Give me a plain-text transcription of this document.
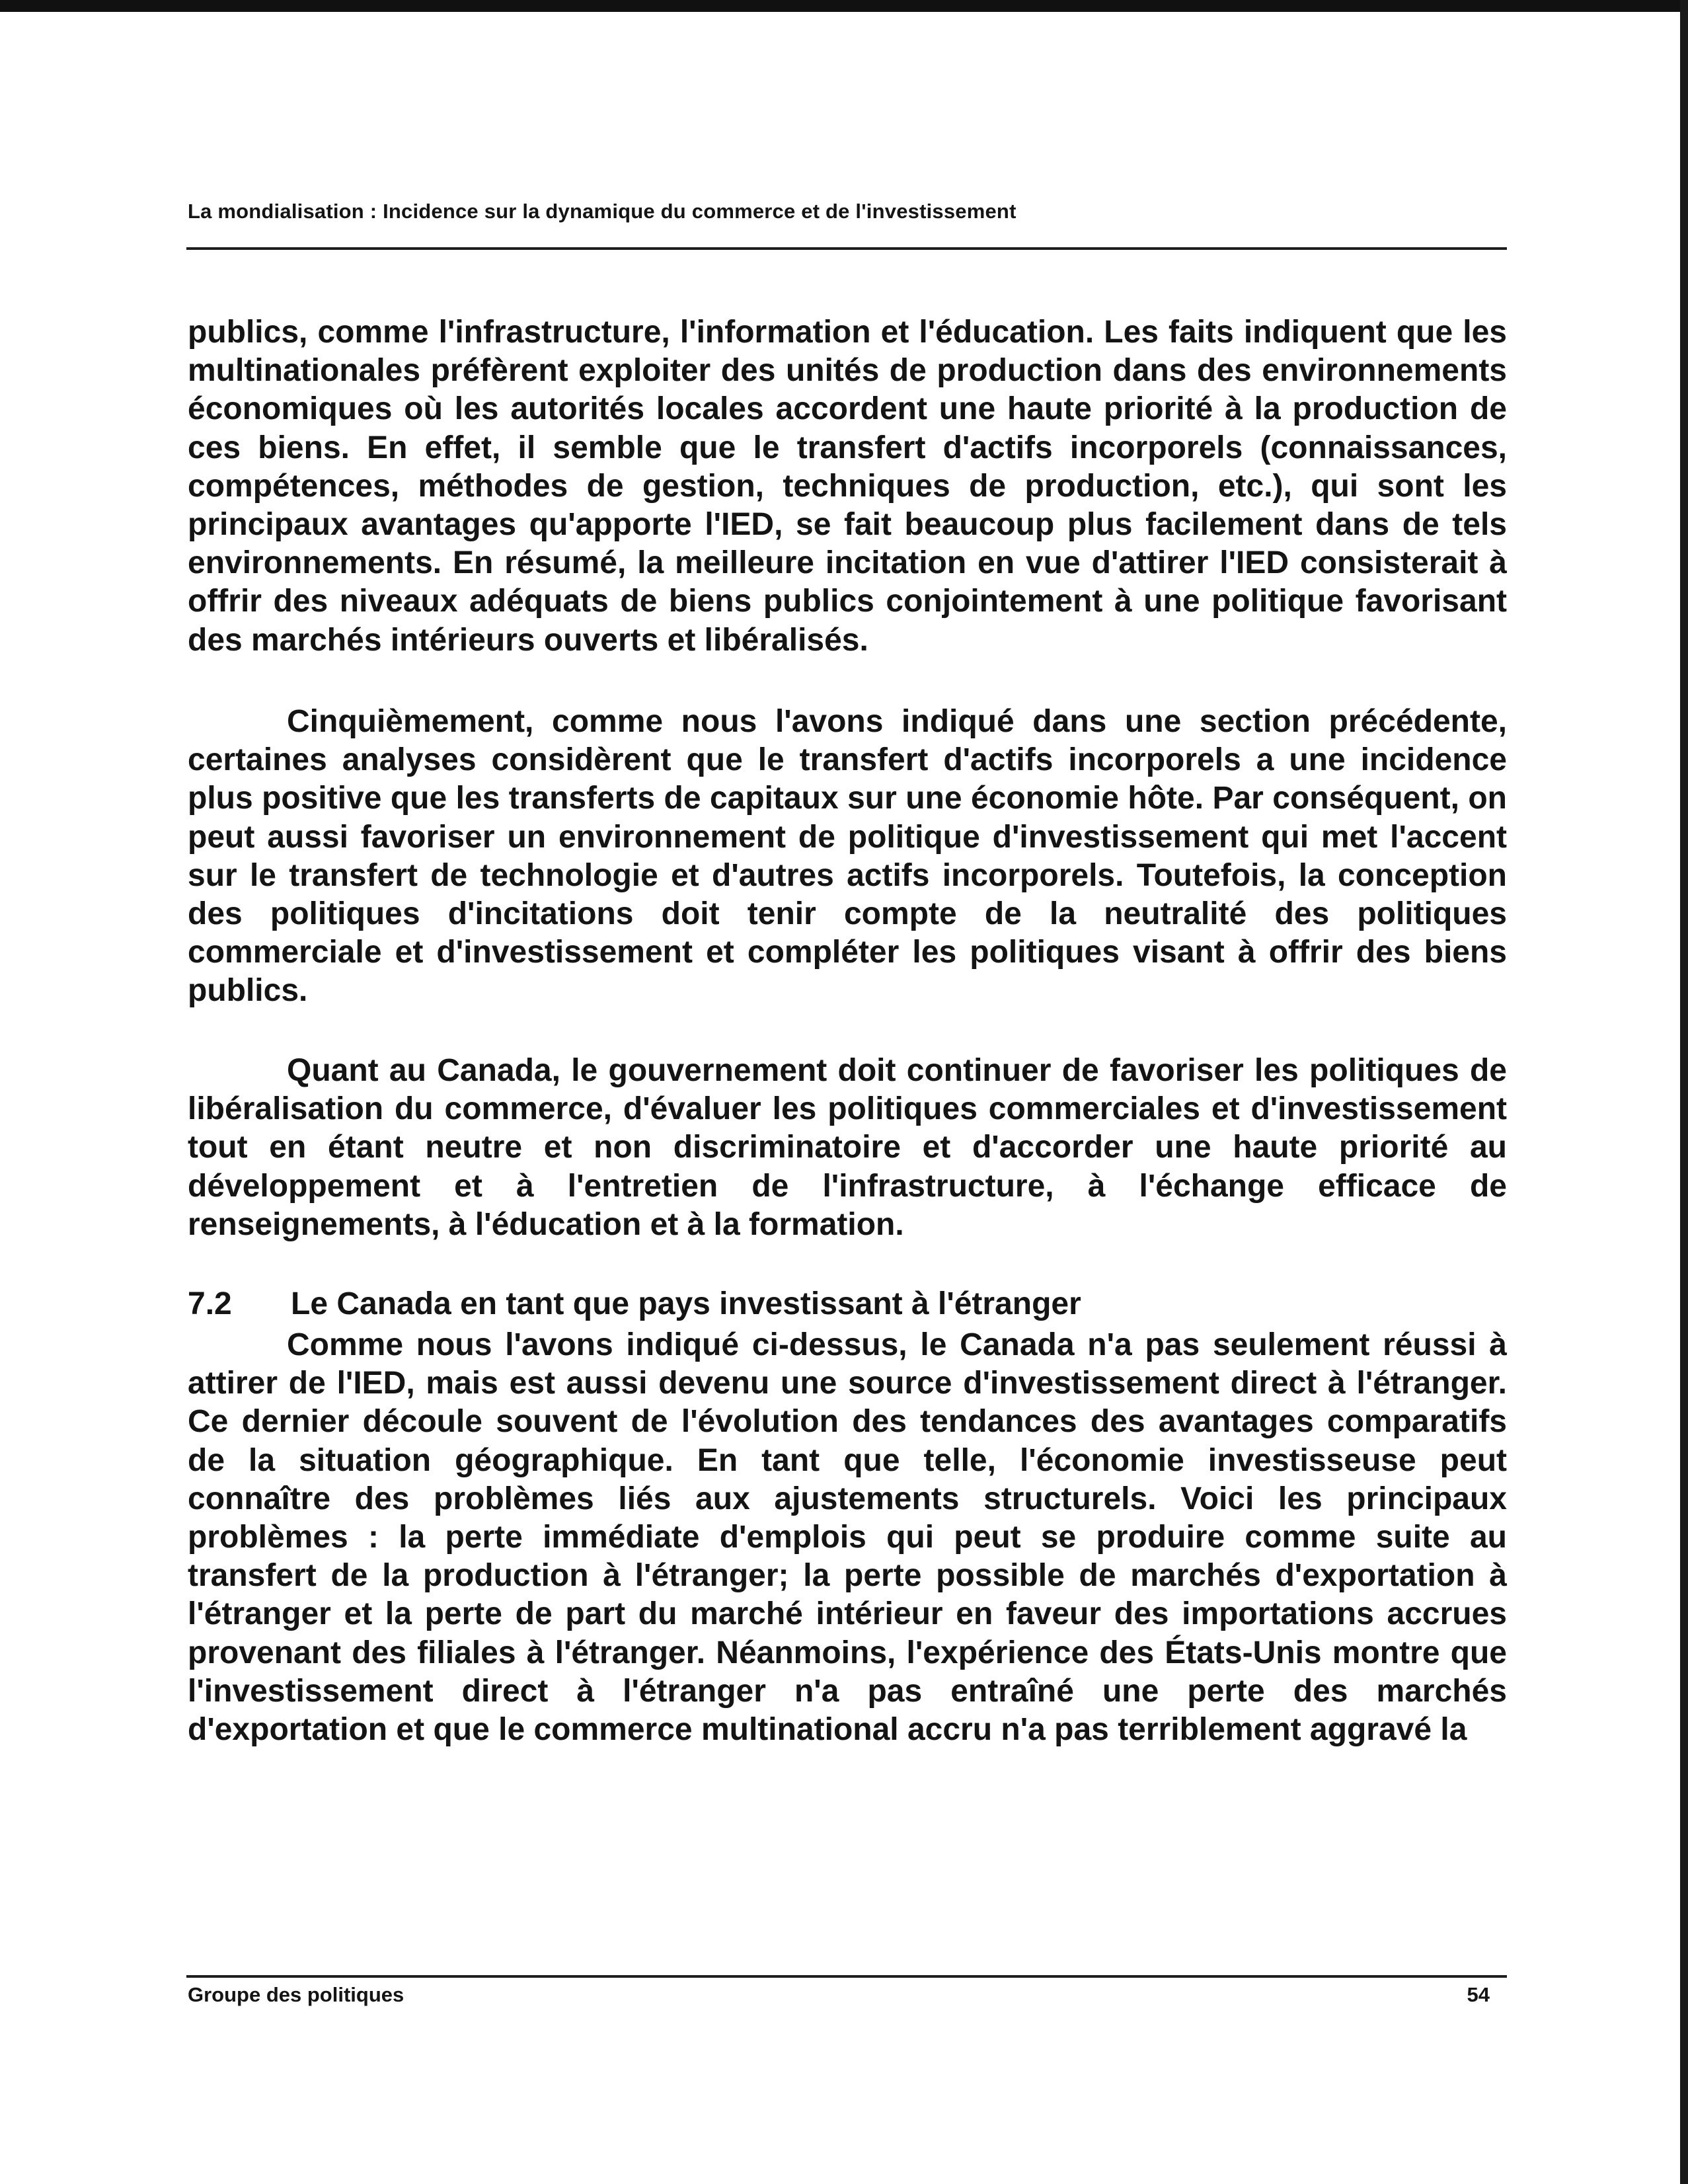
La mondialisation : Incidence sur la dynamique du commerce et de l'investissement

publics, comme l'infrastructure, l'information et l'éducation. Les faits indiquent que les multinationales préfèrent exploiter des unités de production dans des environnements économiques où les autorités locales accordent une haute priorité à la production de ces biens. En effet, il semble que le transfert d'actifs incorporels (connaissances, compétences, méthodes de gestion, techniques de production, etc.), qui sont les principaux avantages qu'apporte l'IED, se fait beaucoup plus facilement dans de tels environnements. En résumé, la meilleure incitation en vue d'attirer l'IED consisterait à offrir des niveaux adéquats de biens publics conjointement à une politique favorisant des marchés intérieurs ouverts et libéralisés.

Cinquièmement, comme nous l'avons indiqué dans une section précédente, certaines analyses considèrent que le transfert d'actifs incorporels a une incidence plus positive que les transferts de capitaux sur une économie hôte. Par conséquent, on peut aussi favoriser un environnement de politique d'investissement qui met l'accent sur le transfert de technologie et d'autres actifs incorporels. Toutefois, la conception des politiques d'incitations doit tenir compte de la neutralité des politiques commerciale et d'investissement et compléter les politiques visant à offrir des biens publics.

Quant au Canada, le gouvernement doit continuer de favoriser les politiques de libéralisation du commerce, d'évaluer les politiques commerciales et d'investissement tout en étant neutre et non discriminatoire et d'accorder une haute priorité au développement et à l'entretien de l'infrastructure, à l'échange efficace de renseignements, à l'éducation et à la formation.

7.2 Le Canada en tant que pays investissant à l'étranger

Comme nous l'avons indiqué ci-dessus, le Canada n'a pas seulement réussi à attirer de l'IED, mais est aussi devenu une source d'investissement direct à l'étranger. Ce dernier découle souvent de l'évolution des tendances des avantages comparatifs de la situation géographique. En tant que telle, l'économie investisseuse peut connaître des problèmes liés aux ajustements structurels. Voici les principaux problèmes : la perte immédiate d'emplois qui peut se produire comme suite au transfert de la production à l'étranger; la perte possible de marchés d'exportation à l'étranger et la perte de part du marché intérieur en faveur des importations accrues provenant des filiales à l'étranger. Néanmoins, l'expérience des États-Unis montre que l'investissement direct à l'étranger n'a pas entraîné une perte des marchés d'exportation et que le commerce multinational accru n'a pas terriblement aggravé la

Groupe des politiques	54
